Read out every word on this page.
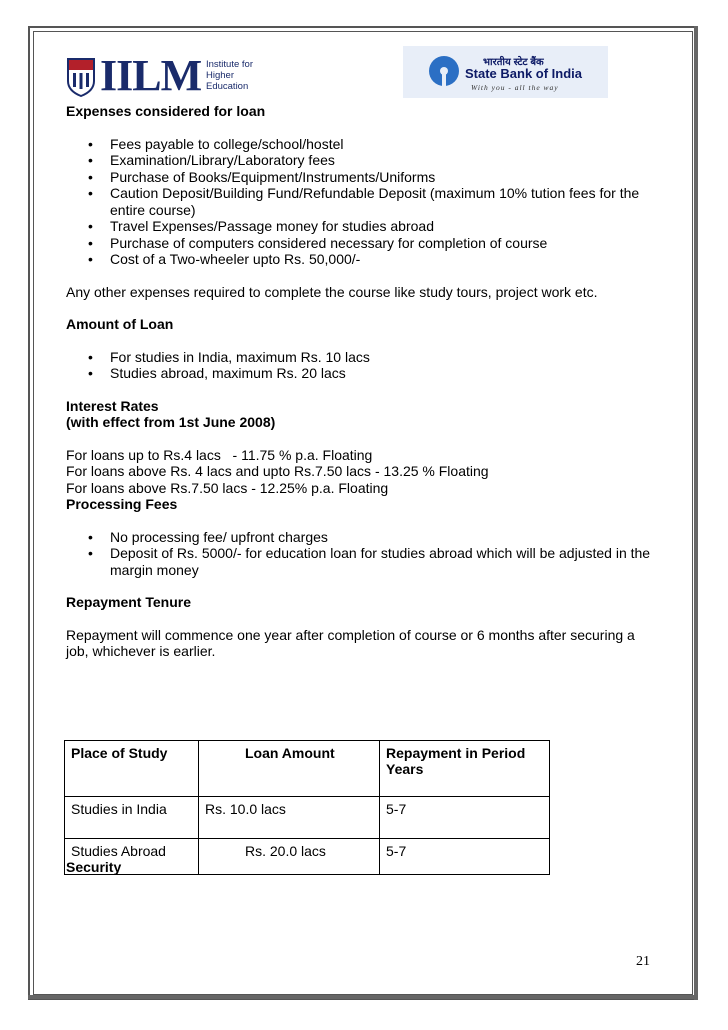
IILM Institute for
Higher Education
भारतीय स्टेट बैंक
State Bank of India
With you - all the way

Expenses considered for loan

• Fees payable to college/school/hostel
• Examination/Library/Laboratory fees
• Purchase of Books/Equipment/Instruments/Uniforms
• Caution Deposit/Building Fund/Refundable Deposit (maximum 10% tution fees for the entire course)
• Travel Expenses/Passage money for studies abroad
• Purchase of computers considered necessary for completion of course
• Cost of a Two-wheeler upto Rs. 50,000/-

Any other expenses required to complete the course like study tours, project work etc.

Amount of Loan

• For studies in India, maximum Rs. 10 lacs
• Studies abroad, maximum Rs. 20 lacs

Interest Rates

(with effect from 1st June 2008)

For loans up to Rs.4 lacs   - 11.75 % p.a. Floating

For loans above Rs. 4 lacs and upto Rs.7.50 lacs - 13.25 % Floating

For loans above Rs.7.50 lacs - 12.25% p.a. Floating

Processing Fees

• No processing fee/ upfront charges
• Deposit of Rs. 5000/- for education loan for studies abroad which will be adjusted in the margin money

Repayment Tenure

Repayment will commence one year after completion of course or 6 months after securing a job, whichever is earlier.

Place of Study	Loan Amount	Repayment in Period Years
Studies in India	Rs. 10.0 lacs	5-7
Studies Abroad	Rs. 20.0 lacs	5-7
Security
21
